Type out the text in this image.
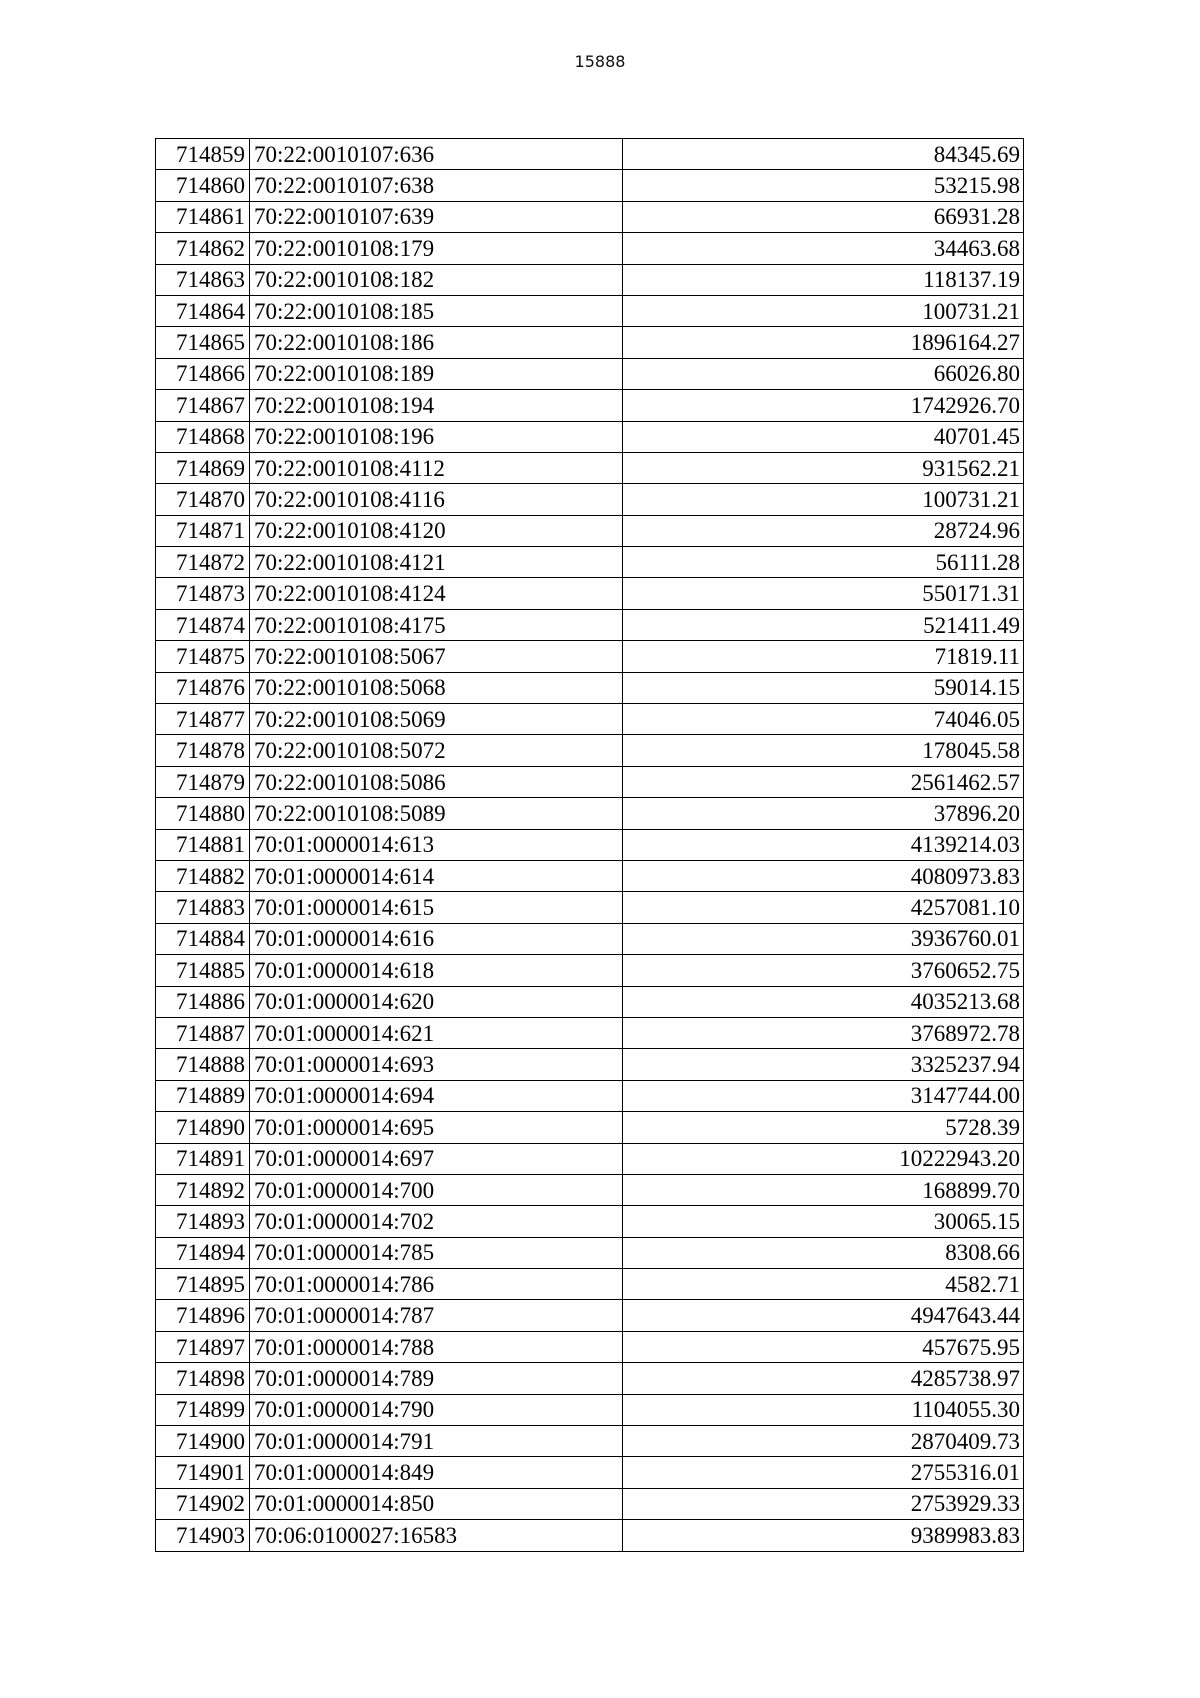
15888
714859	70:22:0010107:636	84345.69
714860	70:22:0010107:638	53215.98
714861	70:22:0010107:639	66931.28
714862	70:22:0010108:179	34463.68
714863	70:22:0010108:182	118137.19
714864	70:22:0010108:185	100731.21
714865	70:22:0010108:186	1896164.27
714866	70:22:0010108:189	66026.80
714867	70:22:0010108:194	1742926.70
714868	70:22:0010108:196	40701.45
714869	70:22:0010108:4112	931562.21
714870	70:22:0010108:4116	100731.21
714871	70:22:0010108:4120	28724.96
714872	70:22:0010108:4121	56111.28
714873	70:22:0010108:4124	550171.31
714874	70:22:0010108:4175	521411.49
714875	70:22:0010108:5067	71819.11
714876	70:22:0010108:5068	59014.15
714877	70:22:0010108:5069	74046.05
714878	70:22:0010108:5072	178045.58
714879	70:22:0010108:5086	2561462.57
714880	70:22:0010108:5089	37896.20
714881	70:01:0000014:613	4139214.03
714882	70:01:0000014:614	4080973.83
714883	70:01:0000014:615	4257081.10
714884	70:01:0000014:616	3936760.01
714885	70:01:0000014:618	3760652.75
714886	70:01:0000014:620	4035213.68
714887	70:01:0000014:621	3768972.78
714888	70:01:0000014:693	3325237.94
714889	70:01:0000014:694	3147744.00
714890	70:01:0000014:695	5728.39
714891	70:01:0000014:697	10222943.20
714892	70:01:0000014:700	168899.70
714893	70:01:0000014:702	30065.15
714894	70:01:0000014:785	8308.66
714895	70:01:0000014:786	4582.71
714896	70:01:0000014:787	4947643.44
714897	70:01:0000014:788	457675.95
714898	70:01:0000014:789	4285738.97
714899	70:01:0000014:790	1104055.30
714900	70:01:0000014:791	2870409.73
714901	70:01:0000014:849	2755316.01
714902	70:01:0000014:850	2753929.33
714903	70:06:0100027:16583	9389983.83
